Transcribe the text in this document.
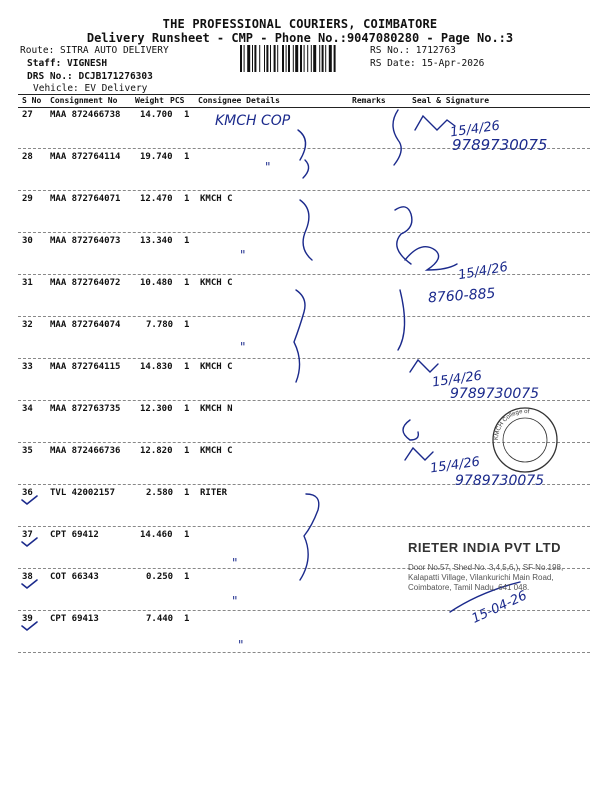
THE PROFESSIONAL COURIERS, COIMBATORE
Delivery Runsheet - CMP - Phone No.:9047080280 - Page No.:3
Route: SITRA AUTO DELIVERY
Staff: VIGNESH
DRS No.: DCJB171276303
Vehicle: EV Delivery
RS No.: 1712763
RS Date: 15-Apr-2026
S No Consignment No Weight PCS Consignee Details	Remarks	Seal & Signature
27 MAA 872466738 14.700 1
28 MAA 872764114 19.740 1
29 MAA 872764071 12.470 1 KMCH C
30 MAA 872764073 13.340 1
31 MAA 872764072 10.480 1 KMCH C
32 MAA 872764074	7.780 1
33 MAA 872764115 14.830 1 KMCH C
34 MAA 872763735 12.300 1 KMCH N
35 MAA 872466736 12.820 1 KMCH C
36 TVL 42002157	2.580 1 RITER
37 CPT 69412	14.460 1
38 COT 66343	0.250 1
39 CPT 69413	7.440 1
KMCH COP
"
"
"
"
"
"
15/4/26
9789730075
15/4/26
8760-885
15/4/26
9789730075
15/4/26
9789730075
15-04-26
KMCH College of
RIETER INDIA PVT LTD
Door No.57, Shed No. 3,4,5,6,), SF No.198,
Kalapatti Village, Vilankurichi Main Road,
Coimbatore, Tamil Nadu, 641 048.
